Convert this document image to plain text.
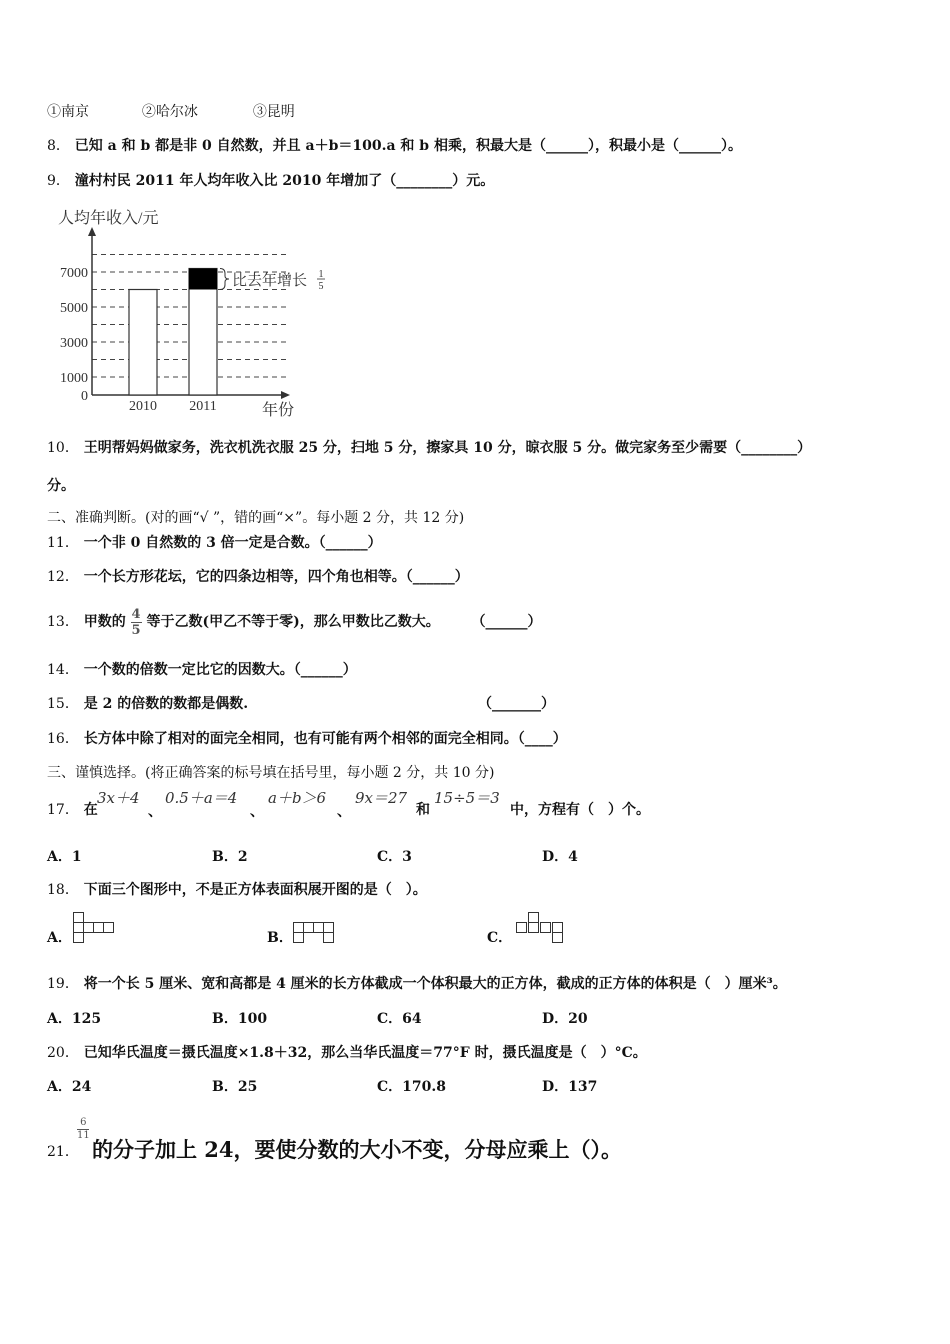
①南京	②哈尔冰	③昆明
8． 已知 a 和 b 都是非 0 自然数，并且 a＋b＝100.a 和 b 相乘，积最大是（______），积最小是（______）。
9． 潼村村民 2011 年人均年收入比 2010 年增加了（________）元。
人均年收入/元
年份
0
1000
3000
5000
7000
2010 2011
比去年增长 1
5
10． 王明帮妈妈做家务，洗衣机洗衣服 25 分，扫地 5 分，擦家具 10 分，晾衣服 5 分。做完家务至少需要（________）
分。
二、准确判断。(对的画“√ ”，错的画“×”。每小题 2 分，共 12 分)
11． 一个非 0 自然数的 3 倍一定是合数。（______）
12． 一个长方形花坛，它的四条边相等，四个角也相等。（______）
13． 甲数的 $\frac{4}{5}$ 等于乙数(甲乙不等于零)，那么甲数比乙数大。 （______）
14． 一个数的倍数一定比它的因数大。（______）
15． 是 2 的倍数的数都是偶数.	（_______）
16． 长方体中除了相对的面完全相同，也有可能有两个相邻的面完全相同。（____）
三、谨慎选择。(将正确答案的标号填在括号里，每小题 2 分，共 10 分)
17． 在
3x＋4
、
0.5＋a＝4
、
a＋b＞6
、
9x＝27
和
15÷5＝3
中，方程有（　）个。
A．1	B．2	C．3	D．4
18． 下面三个图形中，不是正方体表面积展开图的是（　）。
A．	B．	C．
19． 将一个长 5 厘米、宽和高都是 4 厘米的长方体截成一个体积最大的正方体，截成的正方体的体积是（　）厘米³。
A．125	B．100	C．64	D．20
20． 已知华氏温度＝摄氏温度×1.8＋32，那么当华氏温度＝77°F 时，摄氏温度是（　）°C。
A．24	B．25	C．170.8	D．137
21．
6
11
的分子加上 24，要使分数的大小不变，分母应乘上（）。
